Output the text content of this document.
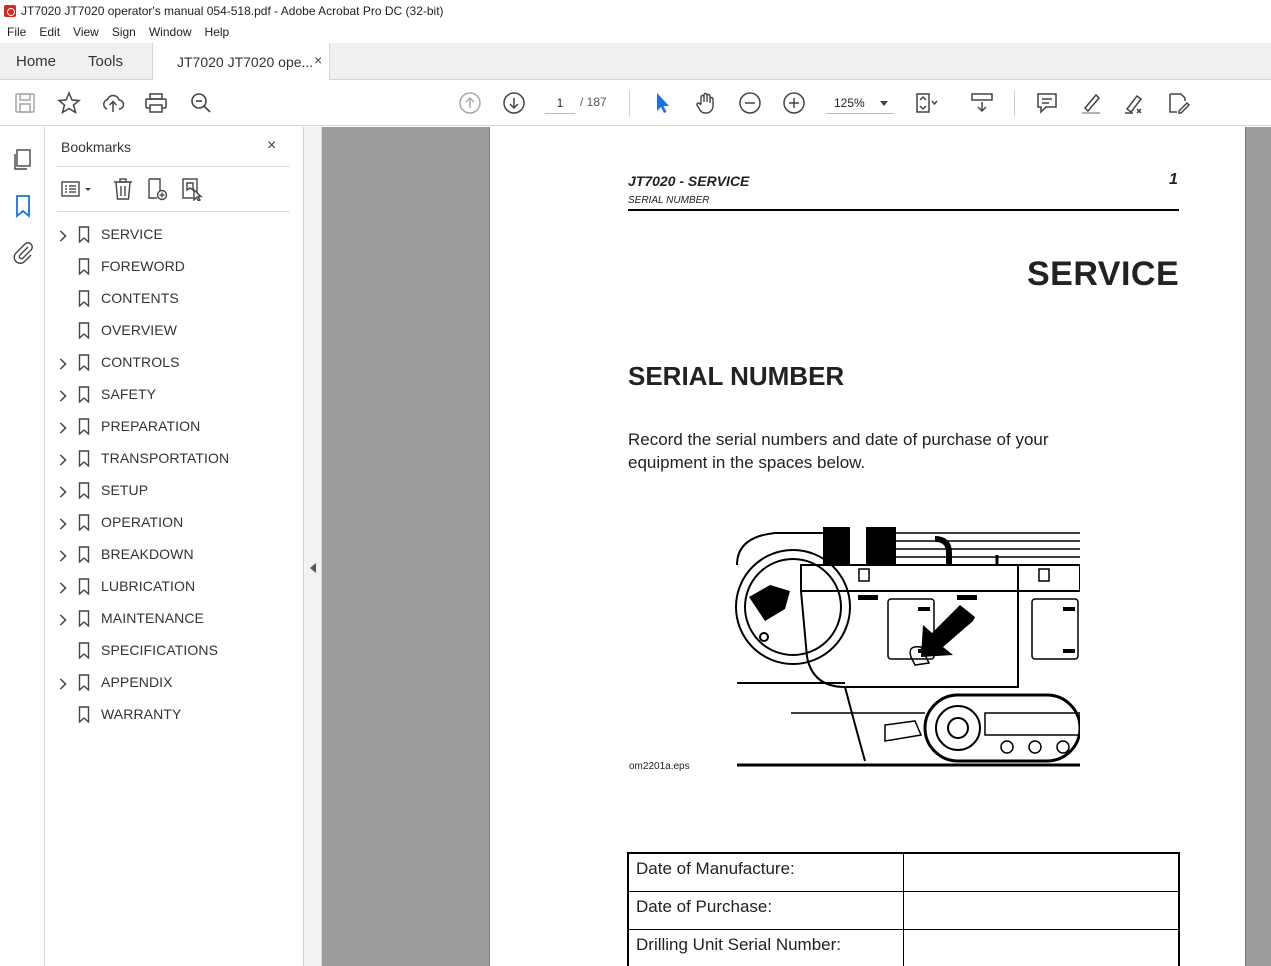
JT7020 JT7020 operator's manual 054-518.pdf - Adobe Acrobat Pro DC (32-bit)
File	Edit	View	Sign	Window	Help
Home Tools	JT7020 JT7020 ope... ×
1	/ 187	125%
Bookmarks	×
SERVICE
FOREWORD
CONTENTS
OVERVIEW
CONTROLS
SAFETY
PREPARATION
TRANSPORTATION
SETUP
OPERATION
BREAKDOWN
LUBRICATION
MAINTENANCE
SPECIFICATIONS
APPENDIX
WARRANTY
JT7020 - SERVICE
SERIAL NUMBER
1
SERVICE
SERIAL NUMBER

Record the serial numbers and date of purchase of your equipment in the spaces below.

om2201a.eps
Date of Manufacture:
Date of Purchase:
Drilling Unit Serial Number:
